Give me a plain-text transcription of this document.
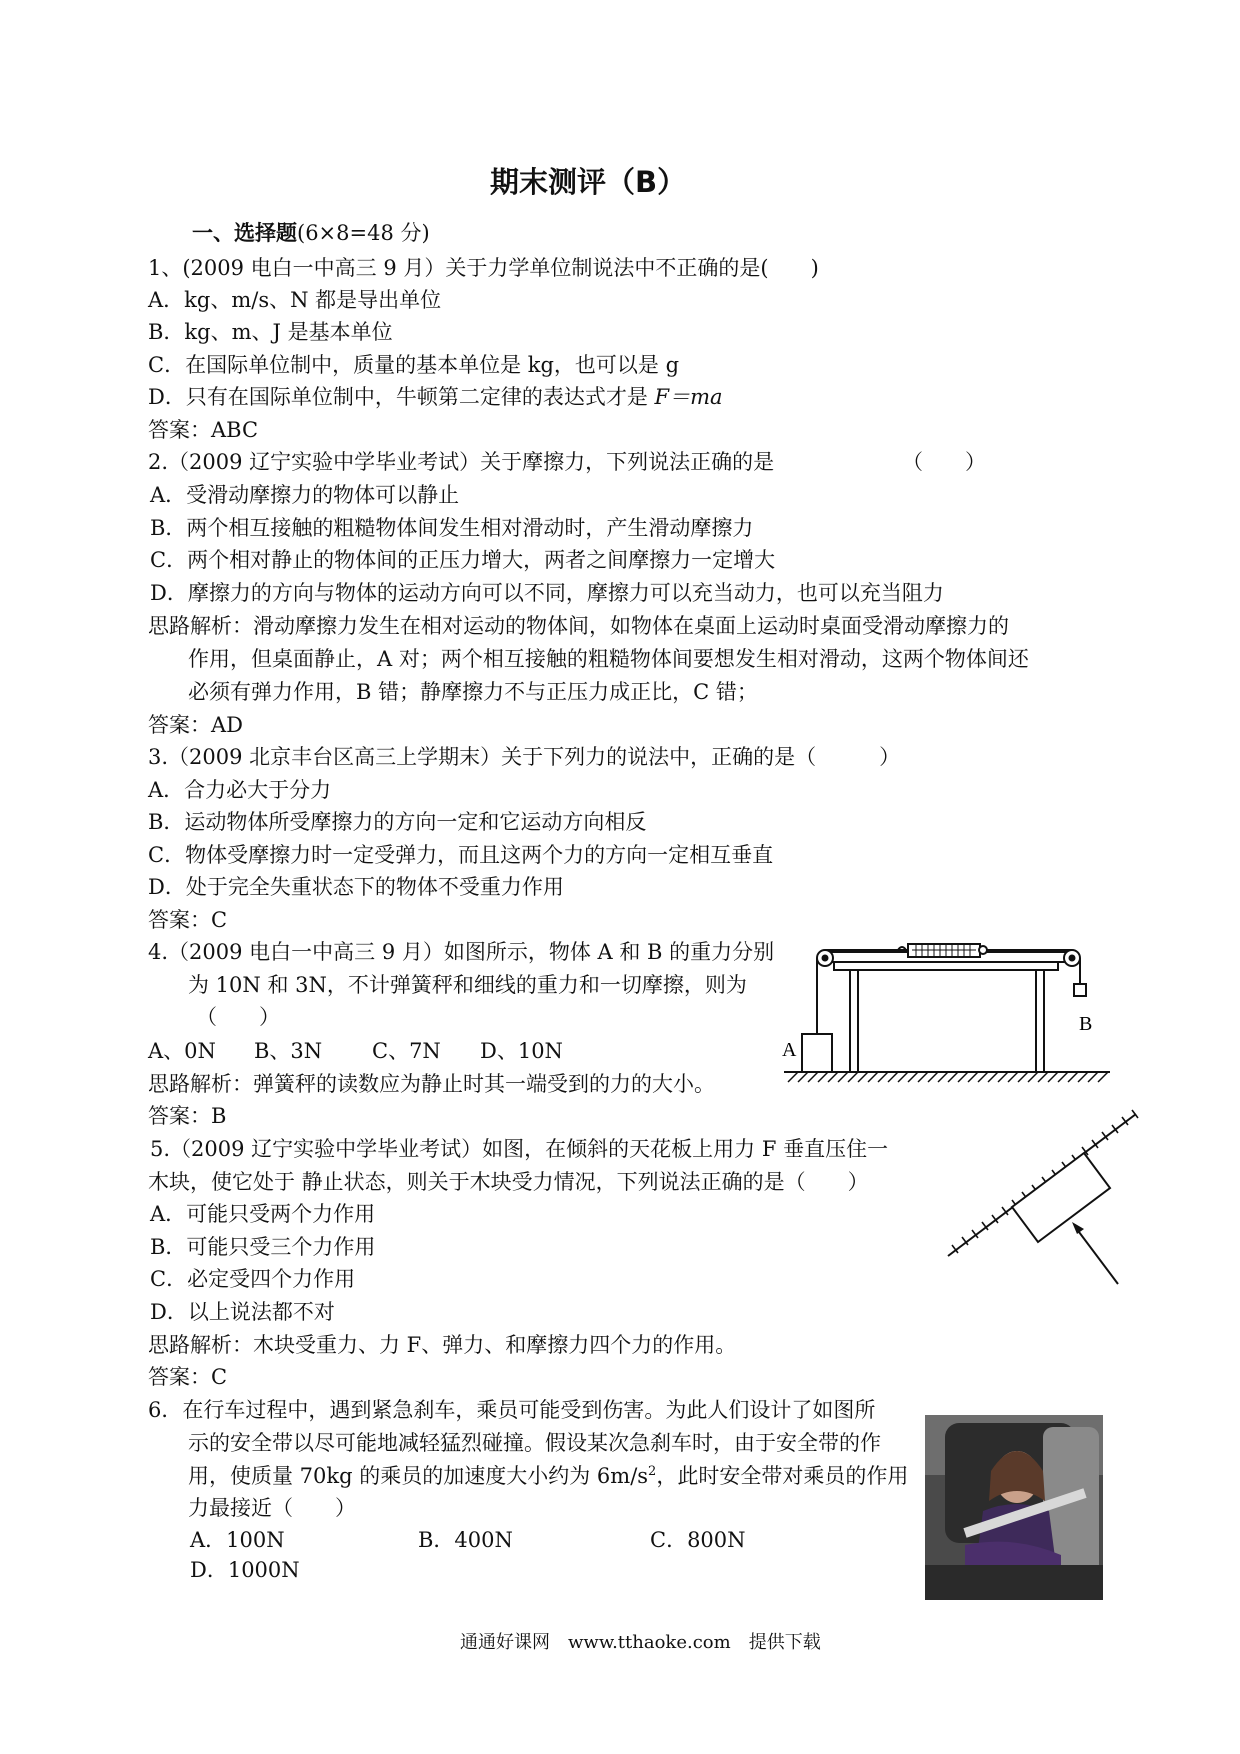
期末测评（B）
一、选择题(6×8=48 分)
1、(2009 电白一中高三 9 月）关于力学单位制说法中不正确的是(　　)
A．kg、m/s、N 都是导出单位
B．kg、m、J 是基本单位
C．在国际单位制中，质量的基本单位是 kg，也可以是 g
D．只有在国际单位制中，牛顿第二定律的表达式才是 F＝ma
答案：ABC
2.（2009 辽宁实验中学毕业考试）关于摩擦力，下列说法正确的是	（　　）
A．受滑动摩擦力的物体可以静止
B．两个相互接触的粗糙物体间发生相对滑动时，产生滑动摩擦力
C．两个相对静止的物体间的正压力增大，两者之间摩擦力一定增大
D．摩擦力的方向与物体的运动方向可以不同，摩擦力可以充当动力，也可以充当阻力
思路解析：滑动摩擦力发生在相对运动的物体间，如物体在桌面上运动时桌面受滑动摩擦力的
作用，但桌面静止，A 对；两个相互接触的粗糙物体间要想发生相对滑动，这两个物体间还
必须有弹力作用，B 错；静摩擦力不与正压力成正比，C 错；
答案：AD
3.（2009 北京丰台区高三上学期末）关于下列力的说法中，正确的是（　　　）
A．合力必大于分力
B．运动物体所受摩擦力的方向一定和它运动方向相反
C．物体受摩擦力时一定受弹力，而且这两个力的方向一定相互垂直
D．处于完全失重状态下的物体不受重力作用
答案：C
4.（2009 电白一中高三 9 月）如图所示，物体 A 和 B 的重力分别
为 10N 和 3N，不计弹簧秤和细线的重力和一切摩擦，则为
（　　）
A、0N B、3N C、7N D、10N
思路解析：弹簧秤的读数应为静止时其一端受到的力的大小。
答案：B
A
B
5.（2009 辽宁实验中学毕业考试）如图，在倾斜的天花板上用力 F 垂直压住一
木块，使它处于 静止状态，则关于木块受力情况，下列说法正确的是（　　）
A．可能只受两个力作用
B．可能只受三个力作用
C．必定受四个力作用
D．以上说法都不对
思路解析：木块受重力、力 F、弹力、和摩擦力四个力的作用。
答案：C
6．在行车过程中，遇到紧急刹车，乘员可能受到伤害。为此人们设计了如图所
示的安全带以尽可能地减轻猛烈碰撞。假设某次急刹车时，由于安全带的作
用，使质量 70kg 的乘员的加速度大小约为 $6m/s^2$，此时安全带对乘员的作用
力最接近（　　）
A．100N	B．400N	C．800N
D．1000N
通通好课网　www.tthaoke.com　提供下载
